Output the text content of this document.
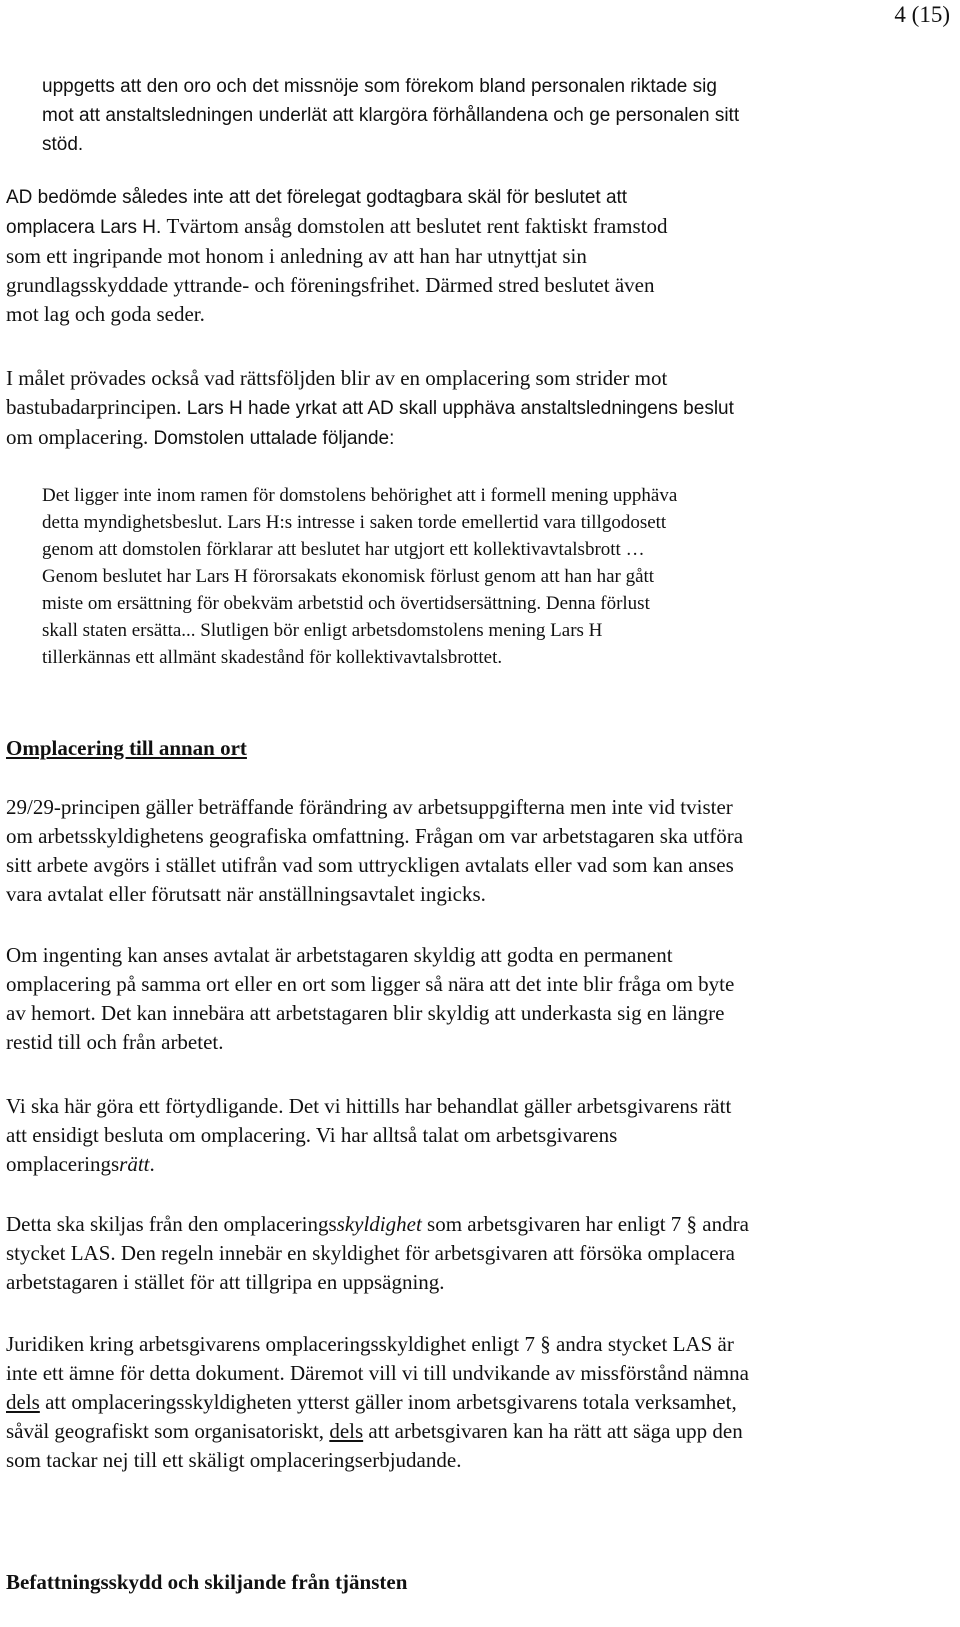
4 (15)
uppgetts att den oro och det missnöje som förekom bland personalen riktade sig
mot att anstaltsledningen underlät att klargöra förhållandena och ge personalen sitt
stöd.
AD bedömde således inte att det förelegat godtagbara skäl för beslutet att
omplacera Lars H. Tvärtom ansåg domstolen att beslutet rent faktiskt framstod
som ett ingripande mot honom i anledning av att han har utnyttjat sin
grundlagsskyddade yttrande- och föreningsfrihet. Därmed stred beslutet även
mot lag och goda seder.
I målet prövades också vad rättsföljden blir av en omplacering som strider mot
bastubadarprincipen. Lars H hade yrkat att AD skall upphäva anstaltsledningens beslut
om omplacering. Domstolen uttalade följande:
Det ligger inte inom ramen för domstolens behörighet att i formell mening upphäva
detta myndighetsbeslut. Lars H:s intresse i saken torde emellertid vara tillgodosett
genom att domstolen förklarar att beslutet har utgjort ett kollektivavtalsbrott …
Genom beslutet har Lars H förorsakats ekonomisk förlust genom att han har gått
miste om ersättning för obekväm arbetstid och övertidsersättning. Denna förlust
skall staten ersätta... Slutligen bör enligt arbetsdomstolens mening Lars H
tillerkännas ett allmänt skadestånd för kollektivavtalsbrottet.
Omplacering till annan ort
29/29-principen gäller beträffande förändring av arbetsuppgifterna men inte vid tvister
om arbetsskyldighetens geografiska omfattning. Frågan om var arbetstagaren ska utföra
sitt arbete avgörs i stället utifrån vad som uttryckligen avtalats eller vad som kan anses
vara avtalat eller förutsatt när anställningsavtalet ingicks.
Om ingenting kan anses avtalat är arbetstagaren skyldig att godta en permanent
omplacering på samma ort eller en ort som ligger så nära att det inte blir fråga om byte
av hemort. Det kan innebära att arbetstagaren blir skyldig att underkasta sig en längre
restid till och från arbetet.
Vi ska här göra ett förtydligande. Det vi hittills har behandlat gäller arbetsgivarens rätt
att ensidigt besluta om omplacering. Vi har alltså talat om arbetsgivarens
omplaceringsrätt.
Detta ska skiljas från den omplaceringsskyldighet som arbetsgivaren har enligt 7 § andra
stycket LAS. Den regeln innebär en skyldighet för arbetsgivaren att försöka omplacera
arbetstagaren i stället för att tillgripa en uppsägning.
Juridiken kring arbetsgivarens omplaceringsskyldighet enligt 7 § andra stycket LAS är
inte ett ämne för detta dokument. Däremot vill vi till undvikande av missförstånd nämna
dels att omplaceringsskyldigheten ytterst gäller inom arbetsgivarens totala verksamhet,
såväl geografiskt som organisatoriskt, dels att arbetsgivaren kan ha rätt att säga upp den
som tackar nej till ett skäligt omplaceringserbjudande.
Befattningsskydd och skiljande från tjänsten
